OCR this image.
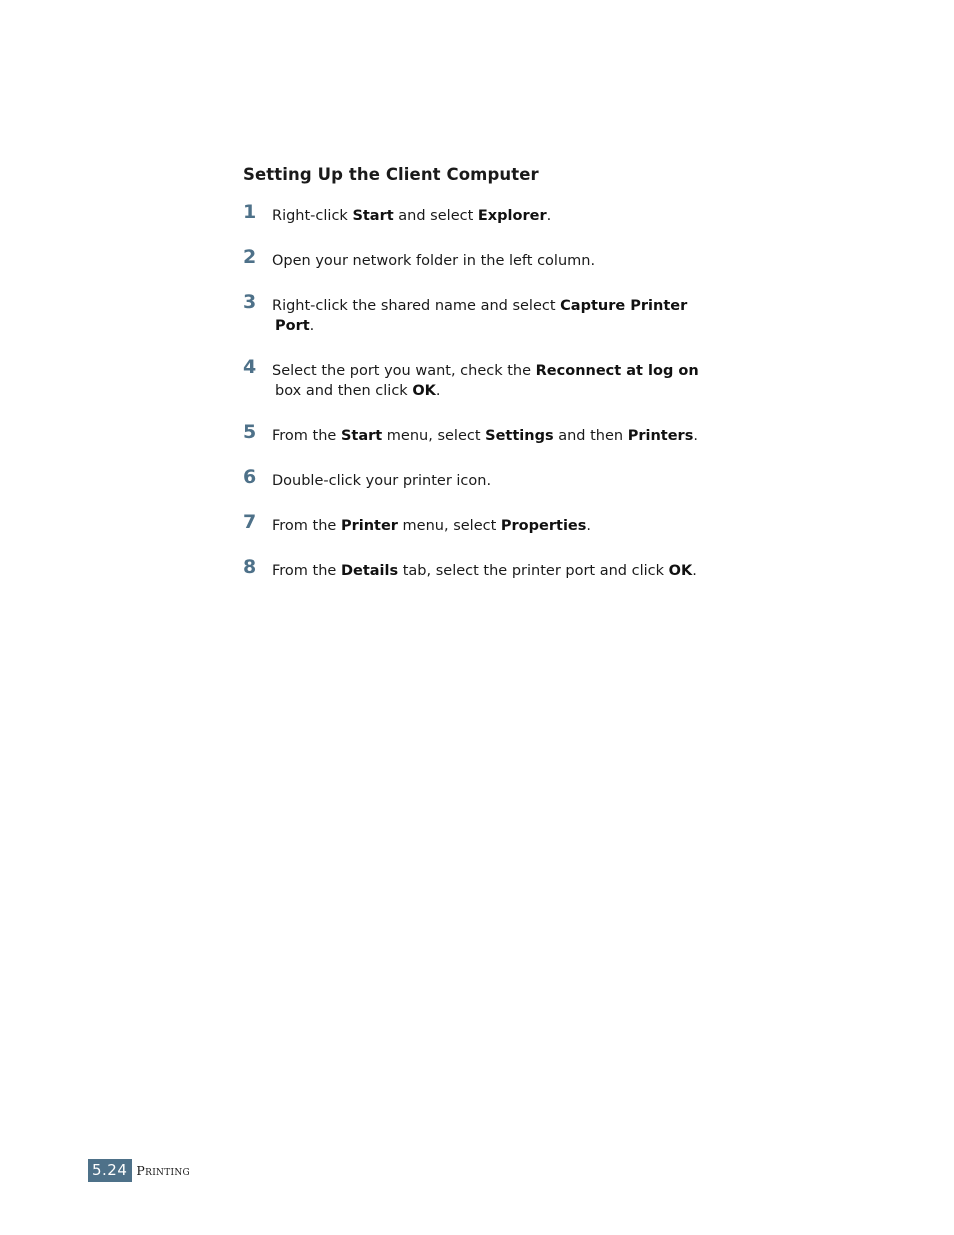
Setting Up the Client Computer
1 Right-click Start and select Explorer.
2 Open your network folder in the left column.
3 Right-click the shared name and select Capture Printer
Port.
4 Select the port you want, check the Reconnect at log on
box and then click OK.
5 From the Start menu, select Settings and then Printers.
6 Double-click your printer icon.
7 From the Printer menu, select Properties.
8 From the Details tab, select the printer port and click OK.
5.24 Printing
